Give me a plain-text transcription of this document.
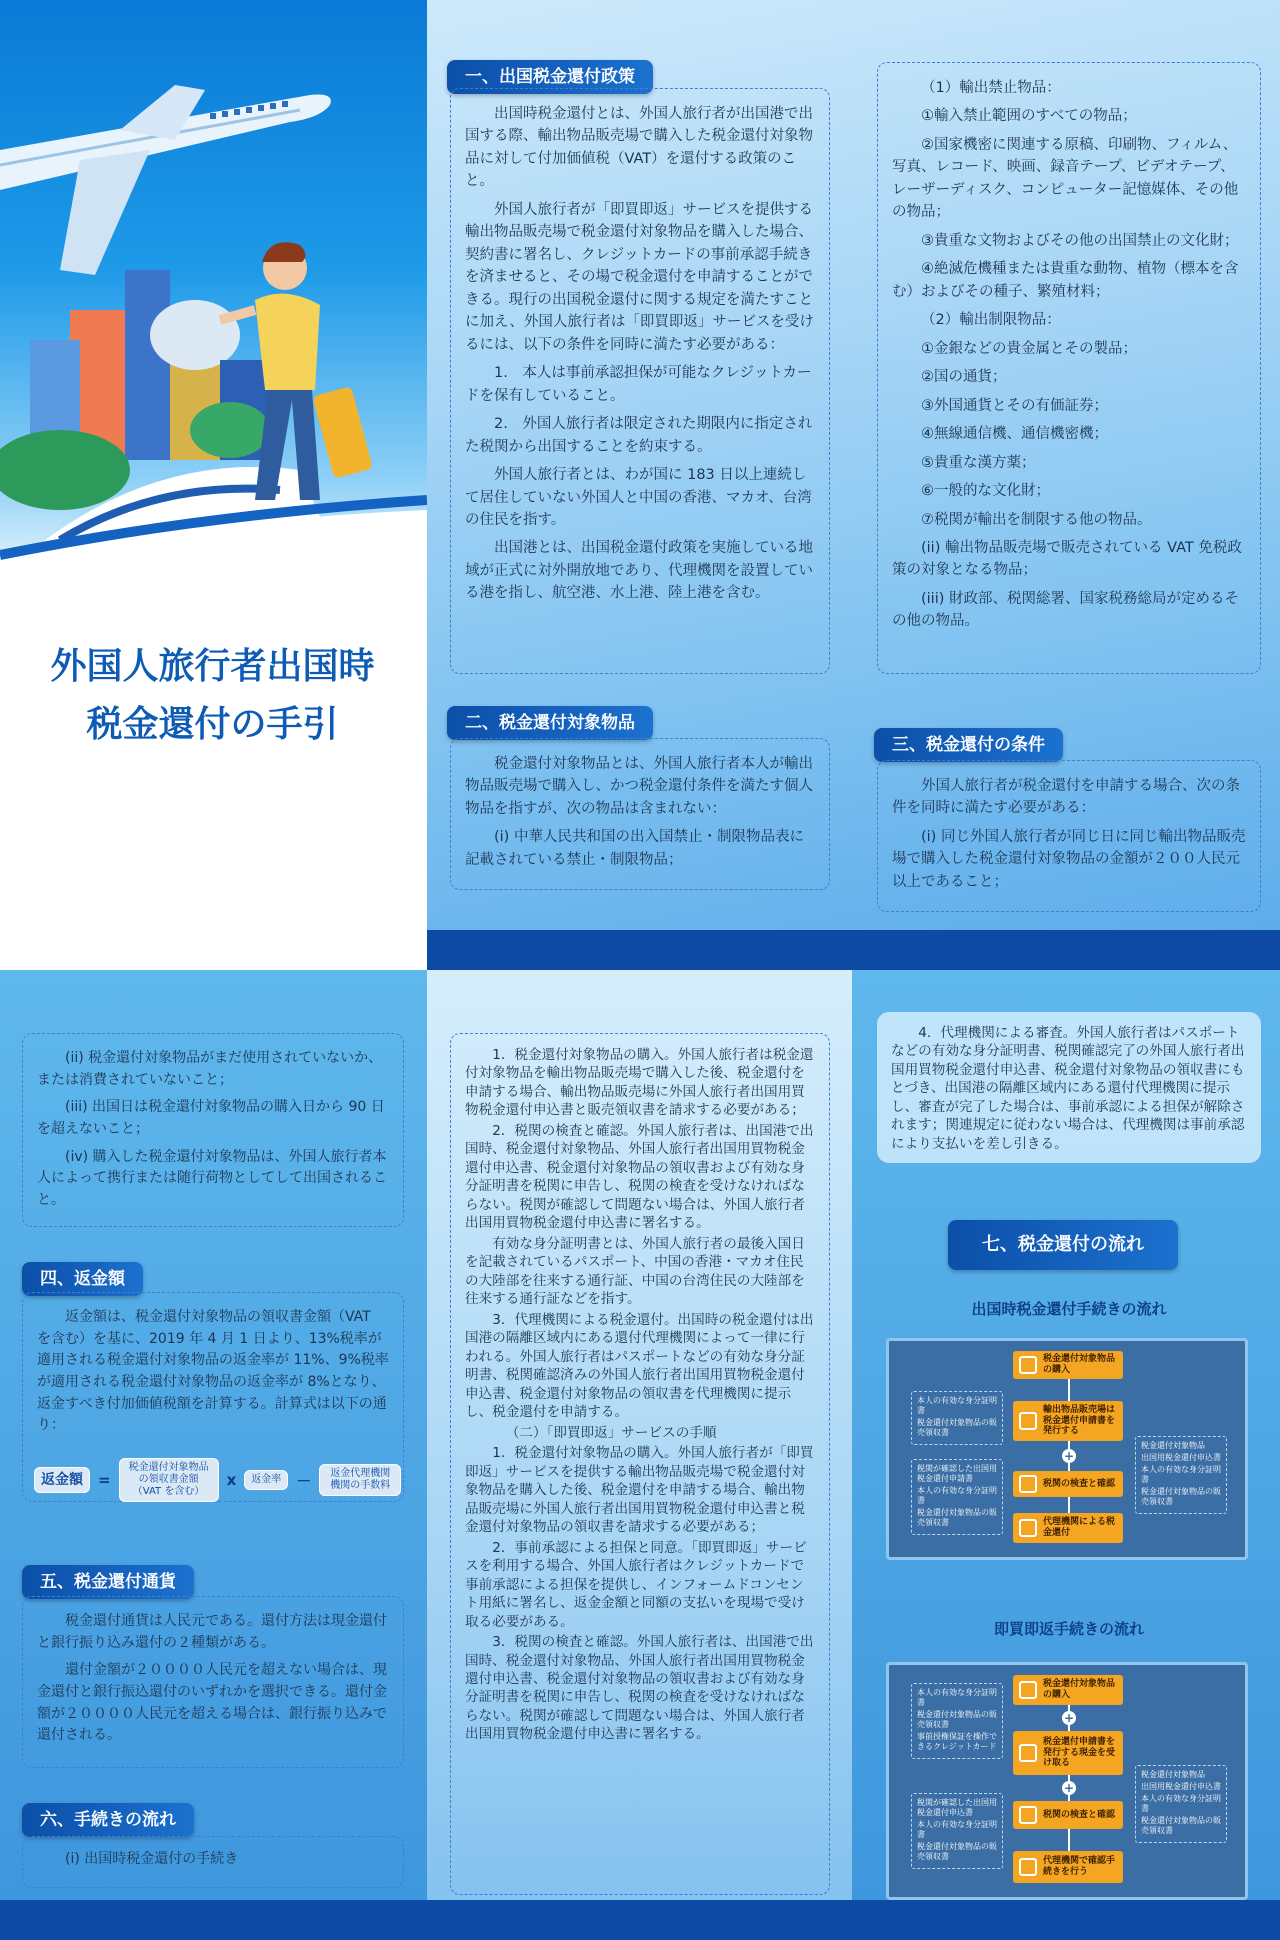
外国人旅行者出国時
税金還付の手引
一、出国税金還付政策

出国時税金還付とは、外国人旅行者が出国港で出国する際、輸出物品販売場で購入した税金還付対象物品に対して付加価値税（VAT）を還付する政策のこと。

外国人旅行者が「即買即返」サービスを提供する輸出物品販売場で税金還付対象物品を購入した場合、契約書に署名し、クレジットカードの事前承認手続きを済ませると、その場で税金還付を申請することができる。現行の出国税金還付に関する規定を満たすことに加え、外国人旅行者は「即買即返」サービスを受けるには、以下の条件を同時に満たす必要がある：

1.　本人は事前承認担保が可能なクレジットカードを保有していること。

2.　外国人旅行者は限定された期限内に指定された税関から出国することを約束する。

外国人旅行者とは、わが国に 183 日以上連続して居住していない外国人と中国の香港、マカオ、台湾の住民を指す。

出国港とは、出国税金還付政策を実施している地域が正式に対外開放地であり、代理機関を設置している港を指し、航空港、水上港、陸上港を含む。

（1）輸出禁止物品：

①輸入禁止範囲のすべての物品；

②国家機密に関連する原稿、印刷物、フィルム、写真、レコード、映画、録音テープ、ビデオテープ、レーザーディスク、コンピューター記憶媒体、その他の物品；

③貴重な文物およびその他の出国禁止の文化財；

④絶滅危機種または貴重な動物、植物（標本を含む）およびその種子、繁殖材料；

（2）輸出制限物品：

①金銀などの貴金属とその製品；

②国の通貨；

③外国通貨とその有価証券；

④無線通信機、通信機密機；

⑤貴重な漢方薬；

⑥一般的な文化財；

⑦税関が輸出を制限する他の物品。

(ii) 輸出物品販売場で販売されている VAT 免税政策の対象となる物品；

(iii) 財政部、税関総署、国家税務総局が定めるその他の物品。

二、税金還付対象物品

税金還付対象物品とは、外国人旅行者本人が輸出物品販売場で購入し、かつ税金還付条件を満たす個人物品を指すが、次の物品は含まれない：

(i) 中華人民共和国の出入国禁止・制限物品表に記載されている禁止・制限物品；

三、税金還付の条件

外国人旅行者が税金還付を申請する場合、次の条件を同時に満たす必要がある：

(i) 同じ外国人旅行者が同じ日に同じ輸出物品販売場で購入した税金還付対象物品の金額が２００人民元以上であること；

(ii) 税金還付対象物品がまだ使用されていないか、または消費されていないこと；

(iii) 出国日は税金還付対象物品の購入日から 90 日を超えないこと；

(iv) 購入した税金還付対象物品は、外国人旅行者本人によって携行または随行荷物としてして出国されること。

四、返金額

返金額は、税金還付対象物品の領収書金額（VAT を含む）を基に、2019 年 4 月 1 日より、13%税率が適用される税金還付対象物品の返金率が 11%、9%税率が適用される税金還付対象物品の返金率が 8%となり、返金すべき付加価値税額を計算する。計算式は以下の通り：

返金額	=
税金還付対象物品の領収書金額（VAT を含む）
x	返金率	－	返金代理機関機関の手数料
五、税金還付通貨

税金還付通貨は人民元である。還付方法は現金還付と銀行振り込み還付の２種類がある。

還付金額が２００００人民元を超えない場合は、現金還付と銀行振込還付のいずれかを選択できる。還付金額が２００００人民元を超える場合は、銀行振り込みで還付される。

六、手続きの流れ

(i) 出国時税金還付の手続き

1．税金還付対象物品の購入。外国人旅行者は税金還付対象物品を輸出物品販売場で購入した後、税金還付を申請する場合、輸出物品販売場に外国人旅行者出国用買物税金還付申込書と販売領収書を請求する必要がある；

2．税関の検査と確認。外国人旅行者は、出国港で出国時、税金還付対象物品、外国人旅行者出国用買物税金還付申込書、税金還付対象物品の領収書および有効な身分証明書を税関に申告し、税関の検査を受けなければならない。税関が確認して問題ない場合は、外国人旅行者出国用買物税金還付申込書に署名する。

有効な身分証明書とは、外国人旅行者の最後入国日を記載されているパスポート、中国の香港・マカオ住民の大陸部を往来する通行証、中国の台湾住民の大陸部を往来する通行証などを指す。

3．代理機関による税金還付。出国時の税金還付は出国港の隔離区域内にある還付代理機関によって一律に行われる。外国人旅行者はパスポートなどの有効な身分証明書、税関確認済みの外国人旅行者出国用買物税金還付申込書、税金還付対象物品の領収書を代理機関に提示し、税金還付を申請する。

（二）「即買即返」サービスの手順

1．税金還付対象物品の購入。外国人旅行者が「即買即返」サービスを提供する輸出物品販売場で税金還付対象物品を購入した後、税金還付を申請する場合、輸出物品販売場に外国人旅行者出国用買物税金還付申込書と税金還付対象物品の領収書を請求する必要がある；

2．事前承認による担保と同意。「即買即返」サービスを利用する場合、外国人旅行者はクレジットカードで事前承認による担保を提供し、インフォームドコンセント用紙に署名し、返金金額と同額の支払いを現場で受け取る必要がある。

3．税関の検査と確認。外国人旅行者は、出国港で出国時、税金還付対象物品、外国人旅行者出国用買物税金還付申込書、税金還付対象物品の領収書および有効な身分証明書を税関に申告し、税関の検査を受けなければならない。税関が確認して問題ない場合は、外国人旅行者出国用買物税金還付申込書に署名する。

4．代理機関による審査。外国人旅行者はパスポートなどの有効な身分証明書、税関確認完了の外国人旅行者出国用買物税金還付申込書、税金還付対象物品の領収書にもとづき、出国港の隔離区域内にある還付代理機関に提示し、審査が完了した場合は、事前承認による担保が解除されます；関連規定に従わない場合は、代理機関は事前承認により支払いを差し引きる。

七、税金還付の流れ
出国時税金還付手続きの流れ
税金還付対象物品の購入
輸出物品販売場は税金還付申請書を発行する
+
税関の検査と確認
代理機関による税金還付
本人の有効な身分証明書
税金還付対象物品の販売領収書
税関が確認した出国用税金還付申請書
本人の有効な身分証明書
税金還付対象物品の販売領収書
税金還付対象物品
出国用税金還付申込書
本人の有効な身分証明書
税金還付対象物品の販売領収書
即買即返手続きの流れ
税金還付対象物品の購入
+
税金還付申請書を発行する現金を受け取る
+
税関の検査と確認
代理機関で確認手続きを行う
本人の有効な身分証明書
税金還付対象物品の販売領収書
事前授権保証を操作できるクレジットカード
税関が確認した出国用税金還付申込書
本人の有効な身分証明書
税金還付対象物品の販売領収書
税金還付対象物品
出国用税金還付申込書
本人の有効な身分証明書
税金還付対象物品の販売領収書
